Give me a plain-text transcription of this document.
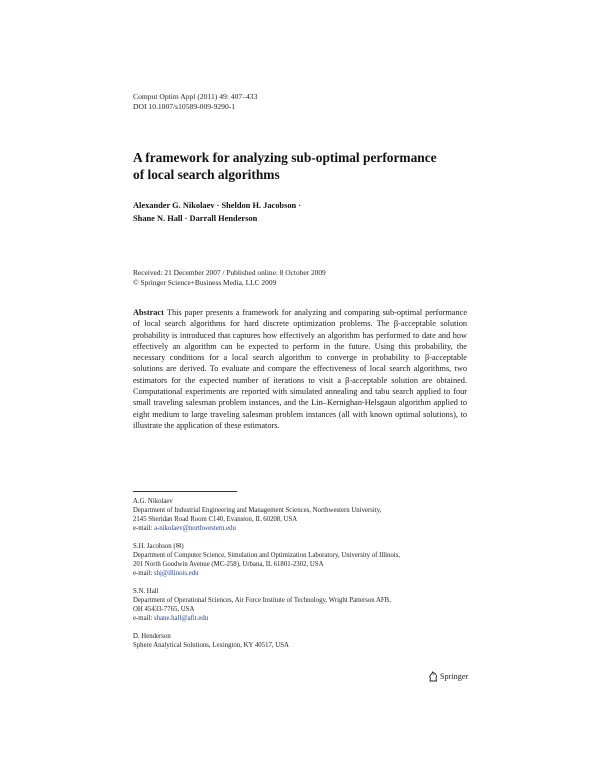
Comput Optim Appl (2011) 49: 407–433
DOI 10.1007/s10589-009-9290-1
A framework for analyzing sub-optimal performance
of local search algorithms
Alexander G. Nikolaev · Sheldon H. Jacobson ·
Shane N. Hall · Darrall Henderson
Received: 21 December 2007 / Published online: 8 October 2009
© Springer Science+Business Media, LLC 2009
Abstract This paper presents a framework for analyzing and comparing sub-optimal performance of local search algorithms for hard discrete optimization problems. The β-acceptable solution probability is introduced that captures how effectively an algorithm has performed to date and how effectively an algorithm can be expected to perform in the future. Using this probability, the necessary conditions for a local search algorithm to converge in probability to β-acceptable solutions are derived. To evaluate and compare the effectiveness of local search algorithms, two estimators for the expected number of iterations to visit a β-acceptable solution are obtained. Computational experiments are reported with simulated annealing and tabu search applied to four small traveling salesman problem instances, and the Lin–Kernighan-Helsgaun algorithm applied to eight medium to large traveling salesman problem instances (all with known optimal solutions), to illustrate the application of these estimators.
A.G. Nikolaev
Department of Industrial Engineering and Management Sciences, Northwestern University,
2145 Sheridan Road Room C140, Evanston, IL 60208, USA
e-mail: a-nikolaev@northwestern.edu
S.H. Jacobson (✉)
Department of Computer Science, Simulation and Optimization Laboratory, University of Illinois,
201 North Goodwin Avenue (MC-258), Urbana, IL 61801-2302, USA
e-mail: shj@illinois.edu
S.N. Hall
Department of Operational Sciences, Air Force Institute of Technology, Wright Patterson AFB,
OH 45433-7765, USA
e-mail: shane.hall@afit.edu
D. Henderson
Sphere Analytical Solutions, Lexington, KY 40517, USA
Springer
